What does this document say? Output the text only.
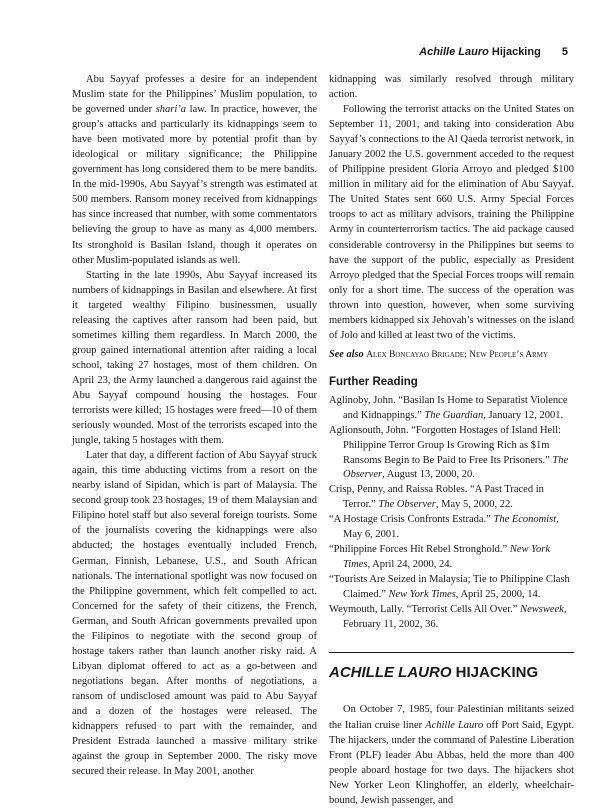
Achille Lauro Hijacking 5

Abu Sayyaf professes a desire for an independent Muslim state for the Philippines’ Muslim population, to be governed under shari’a law. In practice, however, the group’s attacks and particularly its kidnappings seem to have been motivated more by potential profit than by ideological or military significance; the Philippine government has long considered them to be mere bandits. In the mid-1990s, Abu Sayyaf’s strength was estimated at 500 members. Ransom money received from kidnappings has since increased that number, with some commentators believing the group to have as many as 4,000 members. Its stronghold is Basilan Island, though it operates on other Muslim-populated islands as well.

Starting in the late 1990s, Abu Sayyaf increased its numbers of kidnappings in Basilan and elsewhere. At first it targeted wealthy Filipino businessmen, usually releasing the captives after ransom had been paid, but sometimes killing them regardless. In March 2000, the group gained international attention after raiding a local school, taking 27 hostages, most of them children. On April 23, the Army launched a dangerous raid against the Abu Sayyaf compound housing the hostages. Four terrorists were killed; 15 hostages were freed—10 of them seriously wounded. Most of the terrorists escaped into the jungle, taking 5 hostages with them.

Later that day, a different faction of Abu Sayyaf struck again, this time abducting victims from a resort on the nearby island of Sipidan, which is part of Malaysia. The second group took 23 hostages, 19 of them Malaysian and Filipino hotel staff but also several foreign tourists. Some of the journalists covering the kidnappings were also abducted; the hostages eventually included French, German, Finnish, Lebanese, U.S., and South African nationals. The international spotlight was now focused on the Philippine government, which felt compelled to act. Concerned for the safety of their citizens, the French, German, and South African governments prevailed upon the Filipinos to negotiate with the second group of hostage takers rather than launch another risky raid. A Libyan diplomat offered to act as a go-between and negotiations began. After months of negotiations, a ransom of undisclosed amount was paid to Abu Sayyaf and a dozen of the hostages were released. The kidnappers refused to part with the remainder, and President Estrada launched a massive military strike against the group in September 2000. The risky move secured their release. In May 2001, another

kidnapping was similarly resolved through military action.

Following the terrorist attacks on the United States on September 11, 2001, and taking into consideration Abu Sayyaf’s connections to the Al Qaeda terrorist network, in January 2002 the U.S. government acceded to the request of Philippine president Gloria Arroyo and pledged $100 million in military aid for the elimination of Abu Sayyaf. The United States sent 660 U.S. Army Special Forces troops to act as military advisors, training the Philippine Army in counterterrorism tactics. The aid package caused considerable controversy in the Philippines but seems to have the support of the public, especially as President Arroyo pledged that the Special Forces troops will remain only for a short time. The success of the operation was thrown into question, however, when some surviving members kidnapped six Jehovah’s witnesses on the island of Jolo and killed at least two of the victims.

See also Alex Boncayao Brigade; New People’s Army

Further Reading

Aglinoby, John. “Basilan Is Home to Separatist Violence and Kidnappings.” The Guardian, January 12, 2001.

Aglionsouth, John. “Forgotten Hostages of Island Hell: Philippine Terror Group Is Growing Rich as $1m Ransoms Begin to Be Paid to Free Its Prisoners.” The Observer, August 13, 2000, 20.

Crisp, Penny, and Raissa Robles. “A Past Traced in Terror.” The Observer, May 5, 2000, 22.

“A Hostage Crisis Confronts Estrada.” The Economist, May 6, 2001.

“Philippine Forces Hit Rebel Stronghold.” New York Times, April 24, 2000, 24.

“Tourists Are Seized in Malaysia; Tie to Philippine Clash Claimed.” New York Times, April 25, 2000, 14.

Weymouth, Lally. “Terrorist Cells All Over.” Newsweek, February 11, 2002, 36.

ACHILLE LAURO HIJACKING

On October 7, 1985, four Palestinian militants seized the Italian cruise liner Achille Lauro off Port Said, Egypt. The hijackers, under the command of Palestine Liberation Front (PLF) leader Abu Abbas, held the more than 400 people aboard hostage for two days. The hijackers shot New Yorker Leon Klinghoffer, an elderly, wheelchair-bound, Jewish passenger, and
